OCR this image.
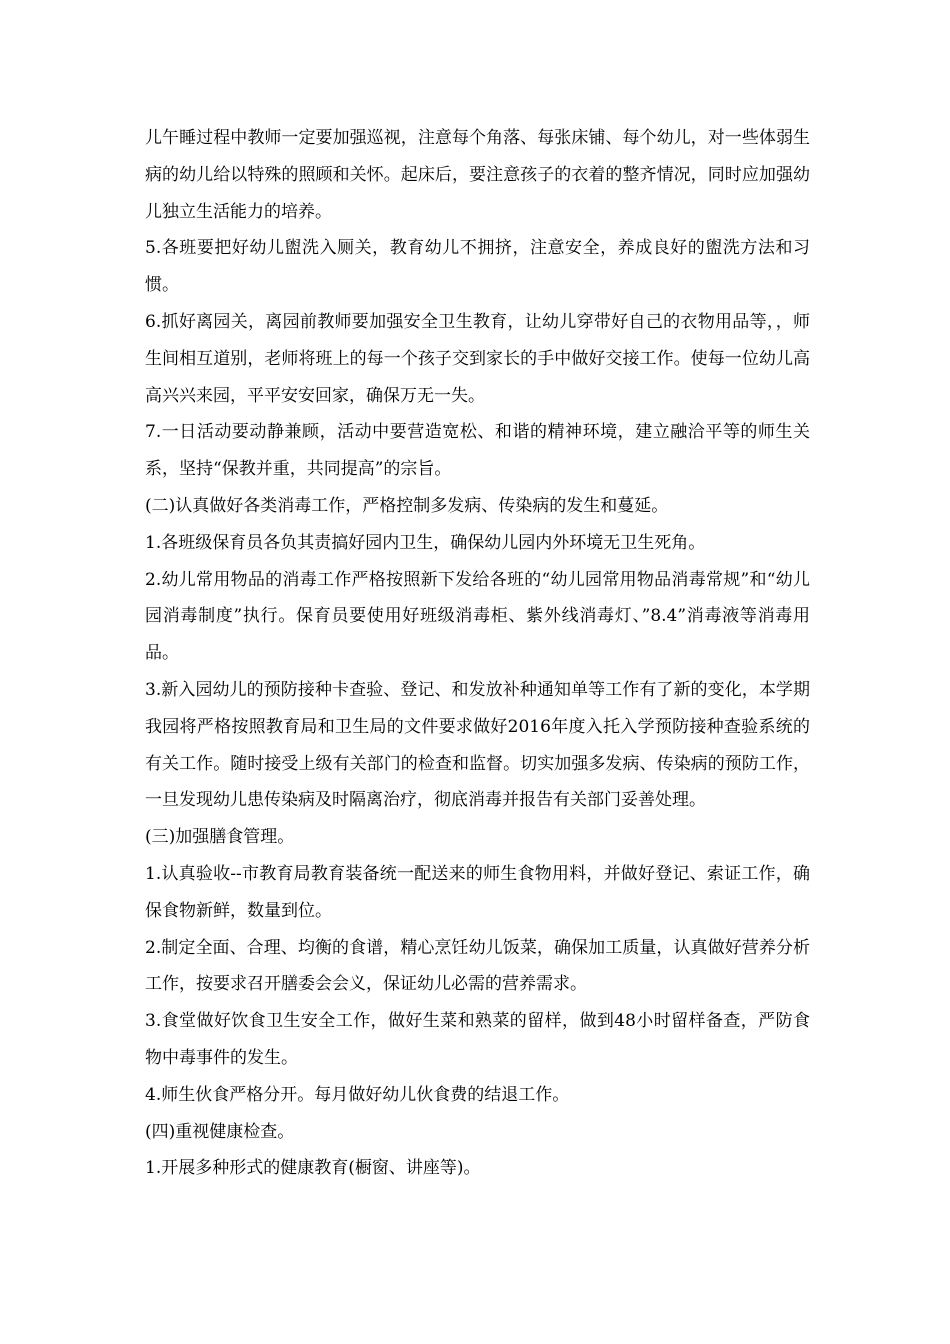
儿午睡过程中教师一定要加强巡视，注意每个角落、每张床铺、每个幼儿，对一些体弱生病的幼儿给以特殊的照顾和关怀。起床后，要注意孩子的衣着的整齐情况，同时应加强幼儿独立生活能力的培养。

5.各班要把好幼儿盥洗入厕关，教育幼儿不拥挤，注意安全，养成良好的盥洗方法和习惯。

6.抓好离园关，离园前教师要加强安全卫生教育，让幼儿穿带好自己的衣物用品等，，师生间相互道别，老师将班上的每一个孩子交到家长的手中做好交接工作。使每一位幼儿高高兴兴来园，平平安安回家，确保万无一失。

7.一日活动要动静兼顾，活动中要营造宽松、和谐的精神环境，建立融洽平等的师生关系，坚持“保教并重，共同提高”的宗旨。

(二)认真做好各类消毒工作，严格控制多发病、传染病的发生和蔓延。

1.各班级保育员各负其责搞好园内卫生，确保幼儿园内外环境无卫生死角。

2.幼儿常用物品的消毒工作严格按照新下发给各班的“幼儿园常用物品消毒常规”和“幼儿园消毒制度”执行。保育员要使用好班级消毒柜、紫外线消毒灯、”8.4”消毒液等消毒用品。

3.新入园幼儿的预防接种卡查验、登记、和发放补种通知单等工作有了新的变化，本学期我园将严格按照教育局和卫生局的文件要求做好2016年度入托入学预防接种查验系统的有关工作。随时接受上级有关部门的检查和监督。切实加强多发病、传染病的预防工作，一旦发现幼儿患传染病及时隔离治疗，彻底消毒并报告有关部门妥善处理。

(三)加强膳食管理。

1.认真验收--市教育局教育装备统一配送来的师生食物用料，并做好登记、索证工作，确保食物新鲜，数量到位。

2.制定全面、合理、均衡的食谱，精心烹饪幼儿饭菜，确保加工质量，认真做好营养分析工作，按要求召开膳委会会义，保证幼儿必需的营养需求。

3.食堂做好饮食卫生安全工作，做好生菜和熟菜的留样，做到48小时留样备查，严防食物中毒事件的发生。

4.师生伙食严格分开。每月做好幼儿伙食费的结退工作。

(四)重视健康检查。

1.开展多种形式的健康教育(橱窗、讲座等)。
